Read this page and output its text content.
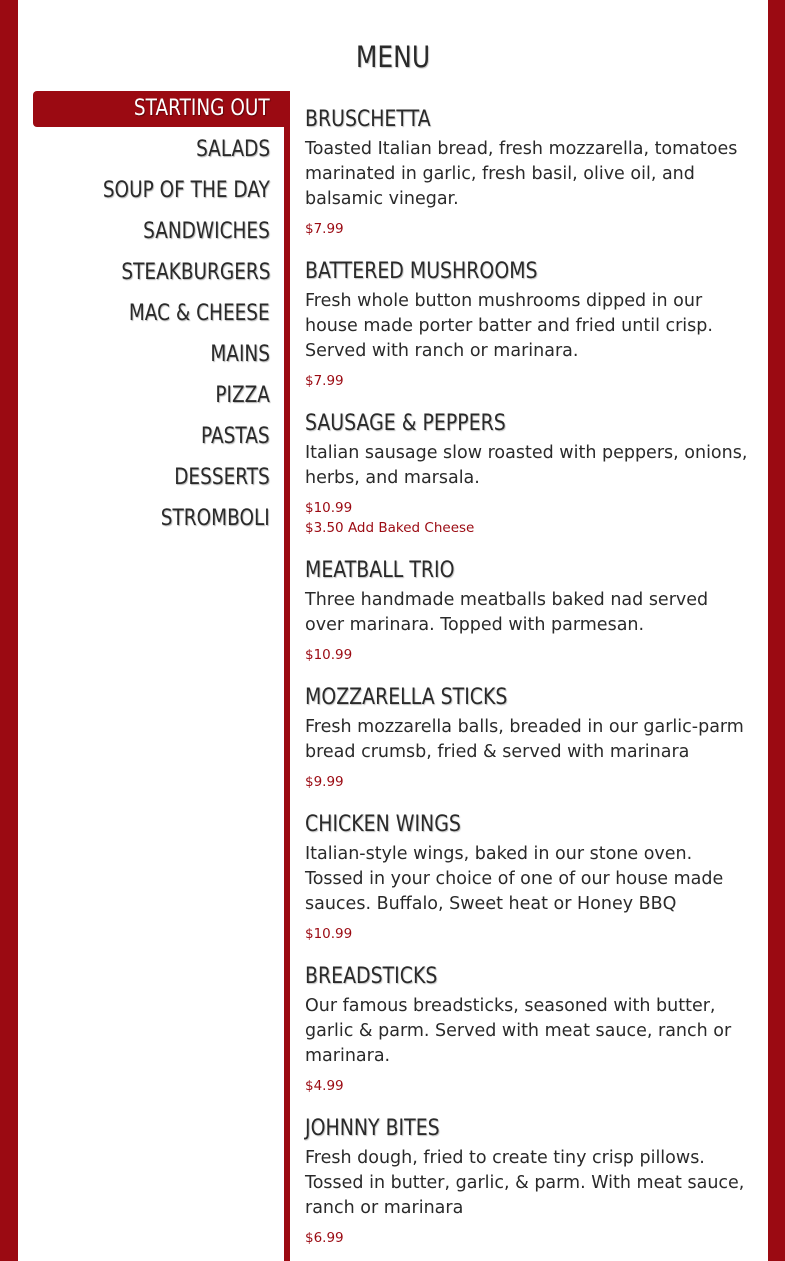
MENU
STARTING OUT
SALADS
SOUP OF THE DAY
SANDWICHES
STEAKBURGERS
MAC & CHEESE
MAINS
PIZZA
PASTAS
DESSERTS
STROMBOLI
BRUSCHETTA
Toasted Italian bread, fresh mozzarella, tomatoes marinated in garlic, fresh basil, olive oil, and balsamic vinegar.
$7.99
BATTERED MUSHROOMS
Fresh whole button mushrooms dipped in our house made porter batter and fried until crisp. Served with ranch or marinara.
$7.99
SAUSAGE & PEPPERS
Italian sausage slow roasted with peppers, onions, herbs, and marsala.
$10.99
$3.50 Add Baked Cheese
MEATBALL TRIO
Three handmade meatballs baked nad served over marinara. Topped with parmesan.
$10.99
MOZZARELLA STICKS
Fresh mozzarella balls, breaded in our garlic-parm bread crumsb, fried & served with marinara
$9.99
CHICKEN WINGS
Italian-style wings, baked in our stone oven. Tossed in your choice of one of our house made sauces. Buffalo, Sweet heat or Honey BBQ
$10.99
BREADSTICKS
Our famous breadsticks, seasoned with butter, garlic & parm. Served with meat sauce, ranch or marinara.
$4.99
JOHNNY BITES
Fresh dough, fried to create tiny crisp pillows. Tossed in butter, garlic, & parm. With meat sauce, ranch or marinara
$6.99
